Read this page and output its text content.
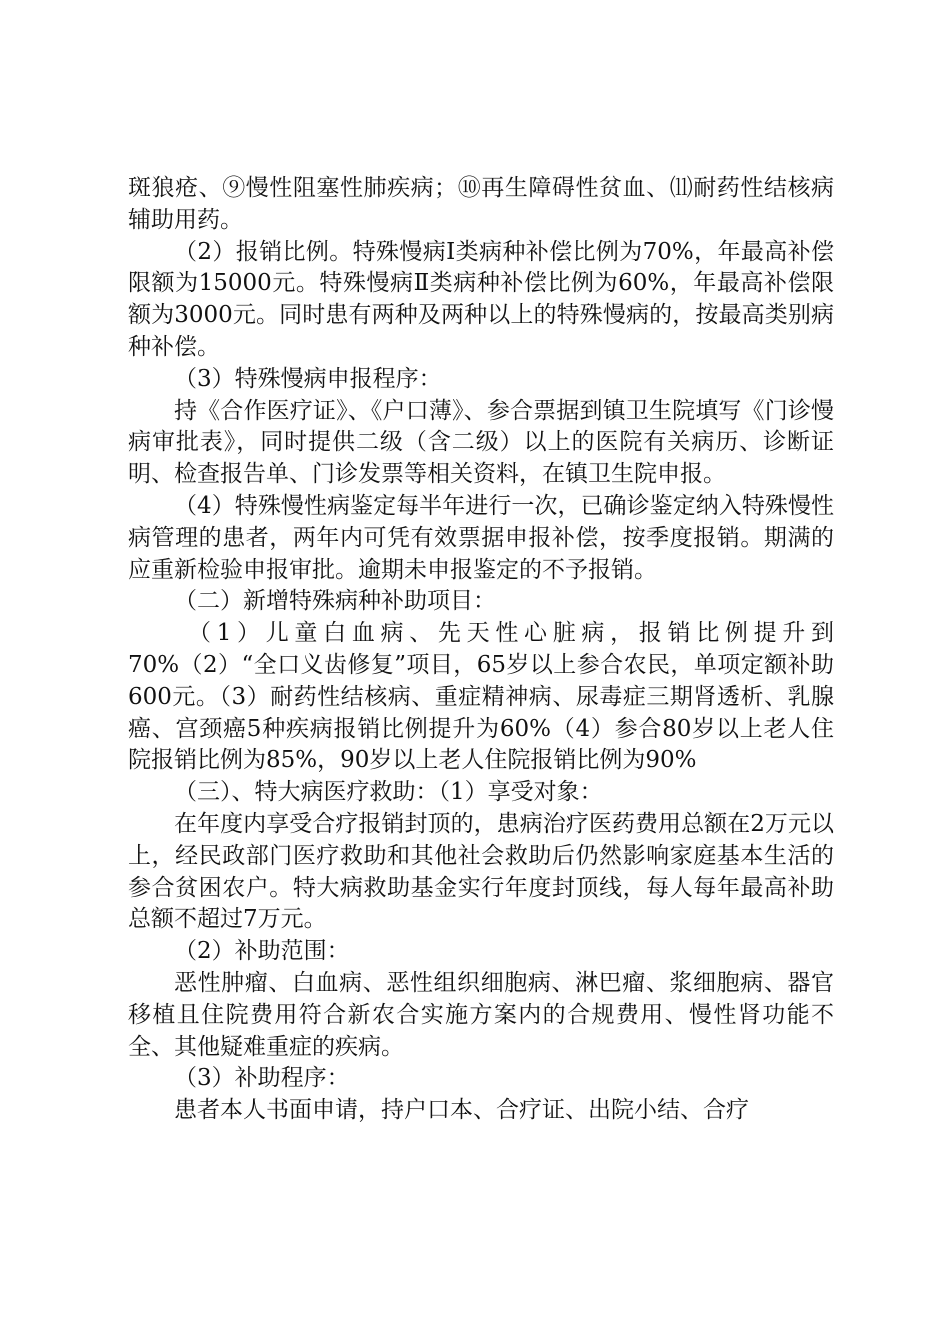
斑狼疮、⑨慢性阻塞性肺疾病；⑩再生障碍性贫血、⑾耐药性结核病辅助用药。

（2）报销比例。特殊慢病Ⅰ类病种补偿比例为70%，年最高补偿限额为15000元。特殊慢病Ⅱ类病种补偿比例为60%，年最高补偿限额为3000元。同时患有两种及两种以上的特殊慢病的，按最高类别病种补偿。

（3）特殊慢病申报程序：

持《合作医疗证》、《户口薄》、参合票据到镇卫生院填写《门诊慢病审批表》，同时提供二级（含二级）以上的医院有关病历、诊断证明、检查报告单、门诊发票等相关资料，在镇卫生院申报。

（4）特殊慢性病鉴定每半年进行一次，已确诊鉴定纳入特殊慢性病管理的患者，两年内可凭有效票据申报补偿，按季度报销。期满的应重新检验申报审批。逾期未申报鉴定的不予报销。

（二）新增特殊病种补助项目：

（1）儿童白血病、先天性心脏病，报销比例提升到70%（2）“全口义齿修复”项目，65岁以上参合农民，单项定额补助600元。（3）耐药性结核病、重症精神病、尿毒症三期肾透析、乳腺癌、宫颈癌5种疾病报销比例提升为60%（4）参合80岁以上老人住院报销比例为85%，90岁以上老人住院报销比例为90%

（三）、特大病医疗救助：（1）享受对象：

在年度内享受合疗报销封顶的，患病治疗医药费用总额在2万元以上，经民政部门医疗救助和其他社会救助后仍然影响家庭基本生活的参合贫困农户。特大病救助基金实行年度封顶线，每人每年最高补助总额不超过7万元。

（2）补助范围：

恶性肿瘤、白血病、恶性组织细胞病、淋巴瘤、浆细胞病、器官移植且住院费用符合新农合实施方案内的合规费用、慢性肾功能不全、其他疑难重症的疾病。

（3）补助程序：

患者本人书面申请，持户口本、合疗证、出院小结、合疗
